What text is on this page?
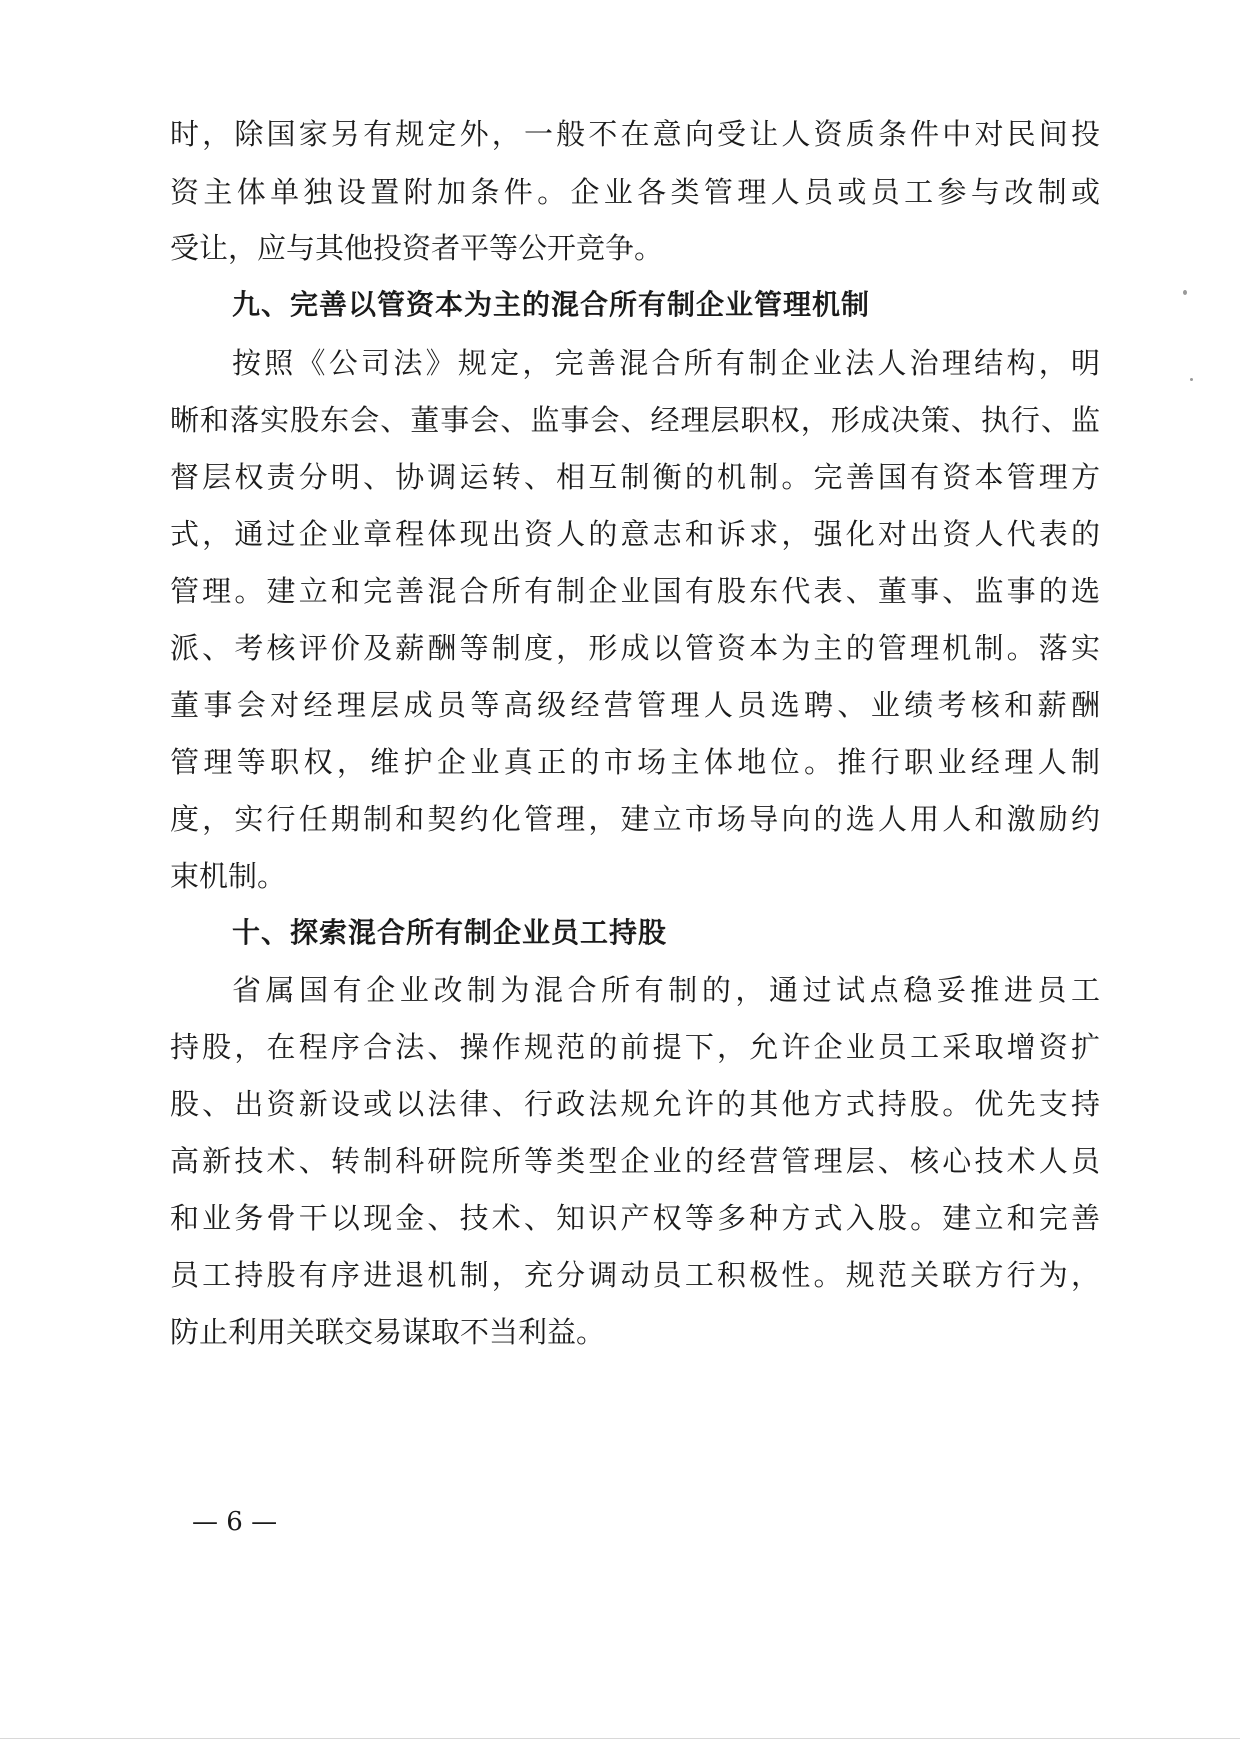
时，除国家另有规定外，一般不在意向受让人资质条件中对民间投
资主体单独设置附加条件。企业各类管理人员或员工参与改制或
受让，应与其他投资者平等公开竞争。
九、完善以管资本为主的混合所有制企业管理机制
按照《公司法》规定，完善混合所有制企业法人治理结构，明
晰和落实股东会、董事会、监事会、经理层职权，形成决策、执行、监
督层权责分明、协调运转、相互制衡的机制。完善国有资本管理方
式，通过企业章程体现出资人的意志和诉求，强化对出资人代表的
管理。建立和完善混合所有制企业国有股东代表、董事、监事的选
派、考核评价及薪酬等制度，形成以管资本为主的管理机制。落实
董事会对经理层成员等高级经营管理人员选聘、业绩考核和薪酬
管理等职权，维护企业真正的市场主体地位。推行职业经理人制
度，实行任期制和契约化管理，建立市场导向的选人用人和激励约
束机制。
十、探索混合所有制企业员工持股
省属国有企业改制为混合所有制的，通过试点稳妥推进员工
持股，在程序合法、操作规范的前提下，允许企业员工采取增资扩
股、出资新设或以法律、行政法规允许的其他方式持股。优先支持
高新技术、转制科研院所等类型企业的经营管理层、核心技术人员
和业务骨干以现金、技术、知识产权等多种方式入股。建立和完善
员工持股有序进退机制，充分调动员工积极性。规范关联方行为，
防止利用关联交易谋取不当利益。
— 6 —
